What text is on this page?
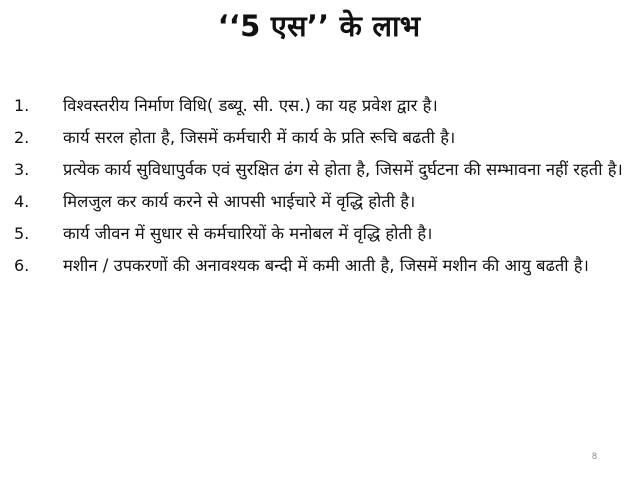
‘‘5 एस’’ के लाभ
1.	विश्वस्तरीय निर्माण विधि( डब्यू. सी. एस.) का यह प्रवेश द्वार है।
2.	कार्य सरल होता है, जिसमें कर्मचारी में कार्य के प्रति रूचि बढती है।
3.	प्रत्येक कार्य सुविधापुर्वक एवं सुरक्षित ढंग से होता है, जिसमें दुर्घटना की सम्भावना नहीं रहती है।
4.	मिलजुल कर कार्य करने से आपसी भाईचारे में वृद्धि होती है।
5.	कार्य जीवन में सुधार से कर्मचारियों के मनोबल में वृद्धि होती है।
6.	मशीन / उपकरणों की अनावश्यक बन्दी में कमी आती है, जिसमें मशीन की आयु बढती है।
8
